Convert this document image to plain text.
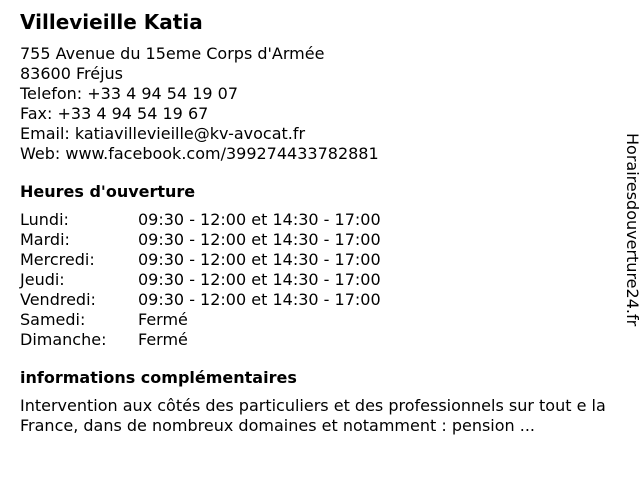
Villevieille Katia
755 Avenue du 15eme Corps d'Armée
83600 Fréjus
Telefon: +33 4 94 54 19 07
Fax: +33 4 94 54 19 67
Email: katiavillevieille@kv-avocat.fr
Web: www.facebook.com/399274433782881
Heures d'ouverture
Lundi:	09:30 - 12:00 et 14:30 - 17:00
Mardi:	09:30 - 12:00 et 14:30 - 17:00
Mercredi:	09:30 - 12:00 et 14:30 - 17:00
Jeudi:	09:30 - 12:00 et 14:30 - 17:00
Vendredi:	09:30 - 12:00 et 14:30 - 17:00
Samedi:	Fermé
Dimanche:	Fermé
informations complémentaires
Intervention aux côtés des particuliers et des professionnels sur tout e la France, dans de nombreux domaines et notamment : pension ...
Horairesdouverture24.fr
